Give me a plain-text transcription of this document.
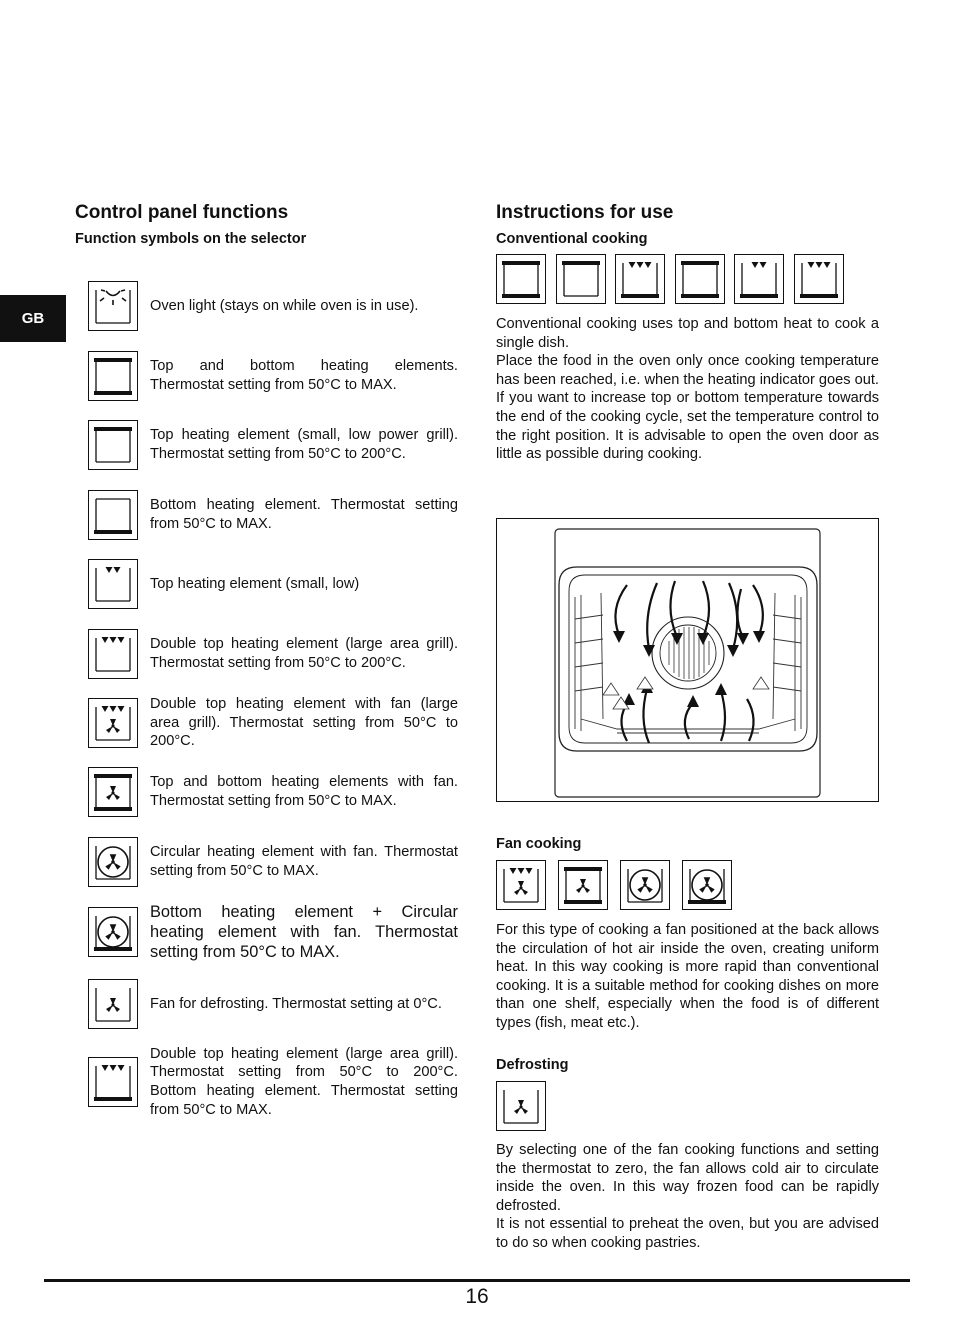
GB
Control panel functions
Function symbols on the selector
Oven light (stays on while oven is in use).
Top and bottom heating elements.
Thermostat setting from 50°C to MAX.
Top heating element (small, low power grill).
Thermostat setting from 50°C to 200°C.
Bottom heating element. Thermostat setting
from 50°C to MAX.
Top heating element (small, low)
Double top heating element (large area grill).
Thermostat setting from 50°C to 200°C.
Double top heating element with fan (large
area grill). Thermostat setting from 50°C to
200°C.
Top and bottom heating elements with fan.
Thermostat setting from 50°C to MAX.
Circular heating element with fan. Thermostat
setting from 50°C to MAX.
Bottom heating element + Circular
heating element with fan. Thermostat
setting from 50°C to MAX.
Fan for defrosting. Thermostat setting at 0°C.
Double top heating element (large area grill).
Thermostat setting from 50°C to 200°C.
Bottom heating element. Thermostat setting
from 50°C to MAX.
Instructions for use
Conventional cooking

Conventional cooking uses top and bottom heat to cook a single dish.

Place the food in the oven only once cooking temperature has been reached, i.e. when the heating indicator goes out.

If you want to increase top or bottom temperature towards the end of the cooking cycle, set the temperature control to the right position. It is advisable to open the oven door as little as possible during cooking.

Fan cooking

For this type of cooking a fan positioned at the back allows the circulation of hot air inside the oven, creating uniform heat. In this way cooking is more rapid than conventional cooking. It is a suitable method for cooking dishes on more than one shelf, especially when the food is of different types (fish, meat etc.).

Defrosting

By selecting one of the fan cooking functions and setting the thermostat to zero, the fan allows cold air to circulate inside the oven. In this way frozen food can be rapidly defrosted.

It is not essential to preheat the oven, but you are advised to do so when cooking pastries.

16
